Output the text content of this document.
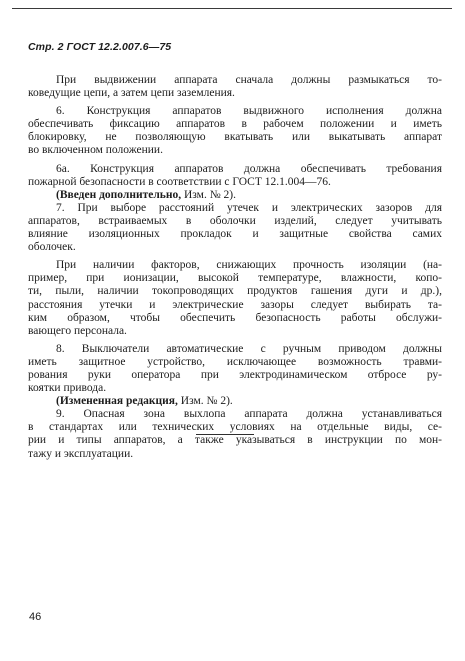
Стр. 2 ГОСТ 12.2.007.6—75
При выдвижении аппарата сначала должны размыкаться то-
коведущие цепи, а затем цепи заземления.
6. Конструкция аппаратов выдвижного исполнения должна
обеспечивать фиксацию аппаратов в рабочем положении и иметь
блокировку, не позволяющую вкатывать или выкатывать аппарат
во включенном положении.
6а. Конструкция аппаратов должна обеспечивать требования
пожарной безопасности в соответствии с ГОСТ 12.1.004—76.
(Введен дополнительно, Изм. № 2).
7. При выборе расстояний утечек и электрических зазоров для
аппаратов, встраиваемых в оболочки изделий, следует учитывать
влияние изоляционных прокладок и защитные свойства самих
оболочек.
При наличии факторов, снижающих прочность изоляции (на-
пример, при ионизации, высокой температуре, влажности, копо-
ти, пыли, наличии токопроводящих продуктов гашения дуги и др.),
расстояния утечки и электрические зазоры следует выбирать та-
ким образом, чтобы обеспечить безопасность работы обслужи-
вающего персонала.
8. Выключатели автоматические с ручным приводом должны
иметь защитное устройство, исключающее возможность травми-
рования руки оператора при электродинамическом отбросе ру-
коятки привода.
(Измененная редакция, Изм. № 2).
9. Опасная зона выхлопа аппарата должна устанавливаться
в стандартах или технических условиях на отдельные виды, се-
рии и типы аппаратов, а также указываться в инструкции по мон-
тажу и эксплуатации.
46
